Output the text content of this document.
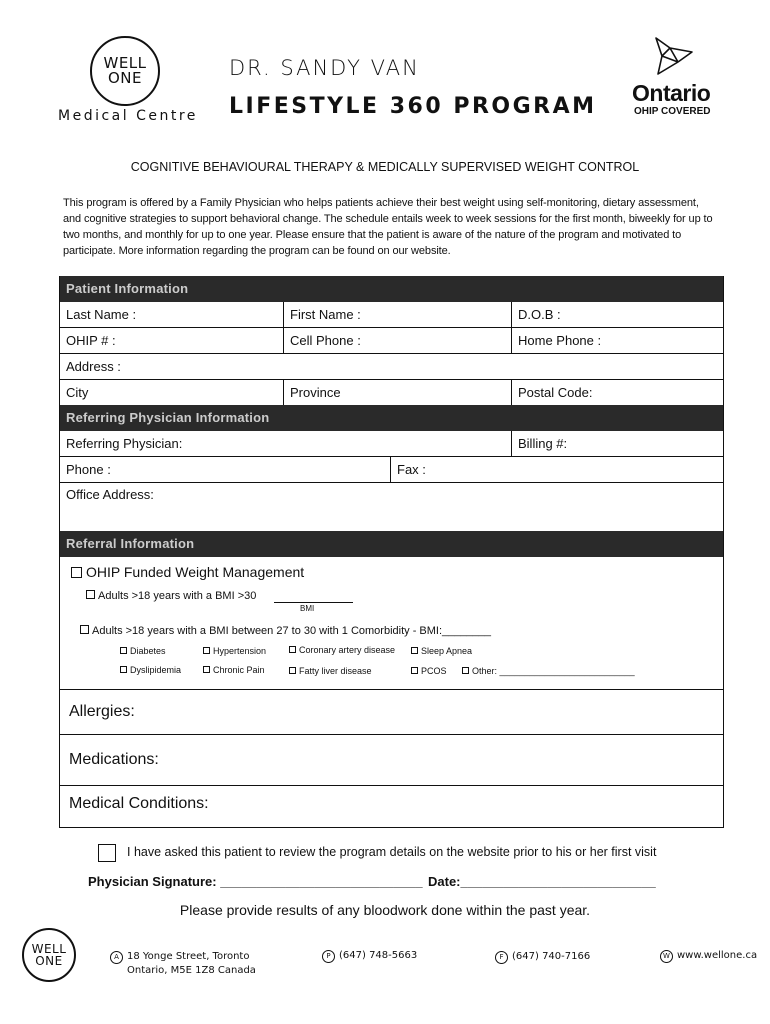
WELL
ONE
Medical Centre
DR. SANDY VAN
LIFESTYLE 360 PROGRAM
Ontario
OHIP COVERED
COGNITIVE BEHAVIOURAL THERAPY & MEDICALLY SUPERVISED WEIGHT CONTROL
This program is offered by a Family Physician who helps patients achieve their best weight using self-monitoring, dietary assessment, and cognitive strategies to support behavioral change. The schedule entails week to week sessions for the first month, biweekly for up to two months, and monthly for up to one year. Please ensure that the patient is aware of the nature of the program and motivated to participate. More information regarding the program can be found on our website.
Patient Information
Last Name :	First Name :	D.O.B :
OHIP # :	Cell Phone :	Home Phone :
Address :
City	Province	Postal Code:
Referring Physician Information
Referring Physician:	Billing #:
Phone :	Fax :
Office Address:
Referral Information
OHIP Funded Weight Management
Adults >18 years with a BMI >30
BMI
Adults >18 years with a BMI between 27 to 30 with 1 Comorbidity - BMI:________
Diabetes	Hypertension	Coronary artery disease	Sleep Apnea
Dyslipidemia	Chronic Pain	Fatty liver disease	PCOS	Other: ___________________________
Allergies:
Medications:
Medical Conditions:
I have asked this patient to review the program details on the website prior to his or her first visit
Physician Signature: ____________________________ Date:___________________________
Please provide results of any bloodwork done within the past year.
WELL
ONE	A 18 Yonge Street, Toronto
Ontario, M5E 1Z8 Canada
P (647) 748-5663	F (647) 740-7166	W www.wellone.ca
